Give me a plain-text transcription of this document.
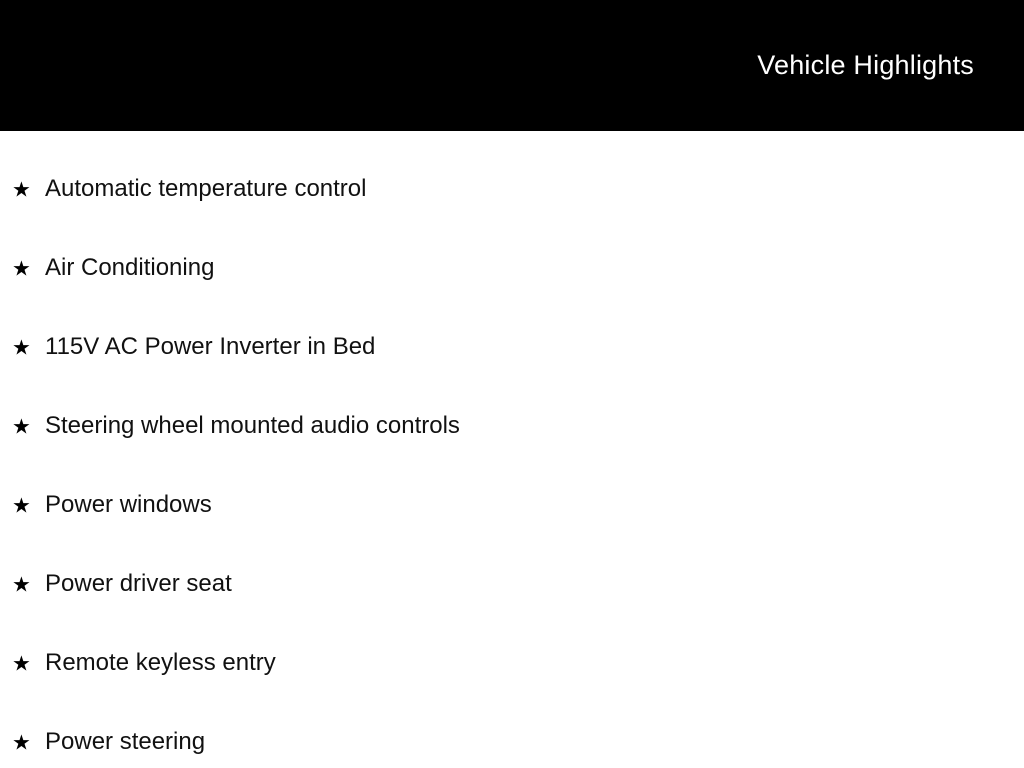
Vehicle Highlights
★ Automatic temperature control
★ Air Conditioning
★ 115V AC Power Inverter in Bed
★ Steering wheel mounted audio controls
★ Power windows
★ Power driver seat
★ Remote keyless entry
★ Power steering
